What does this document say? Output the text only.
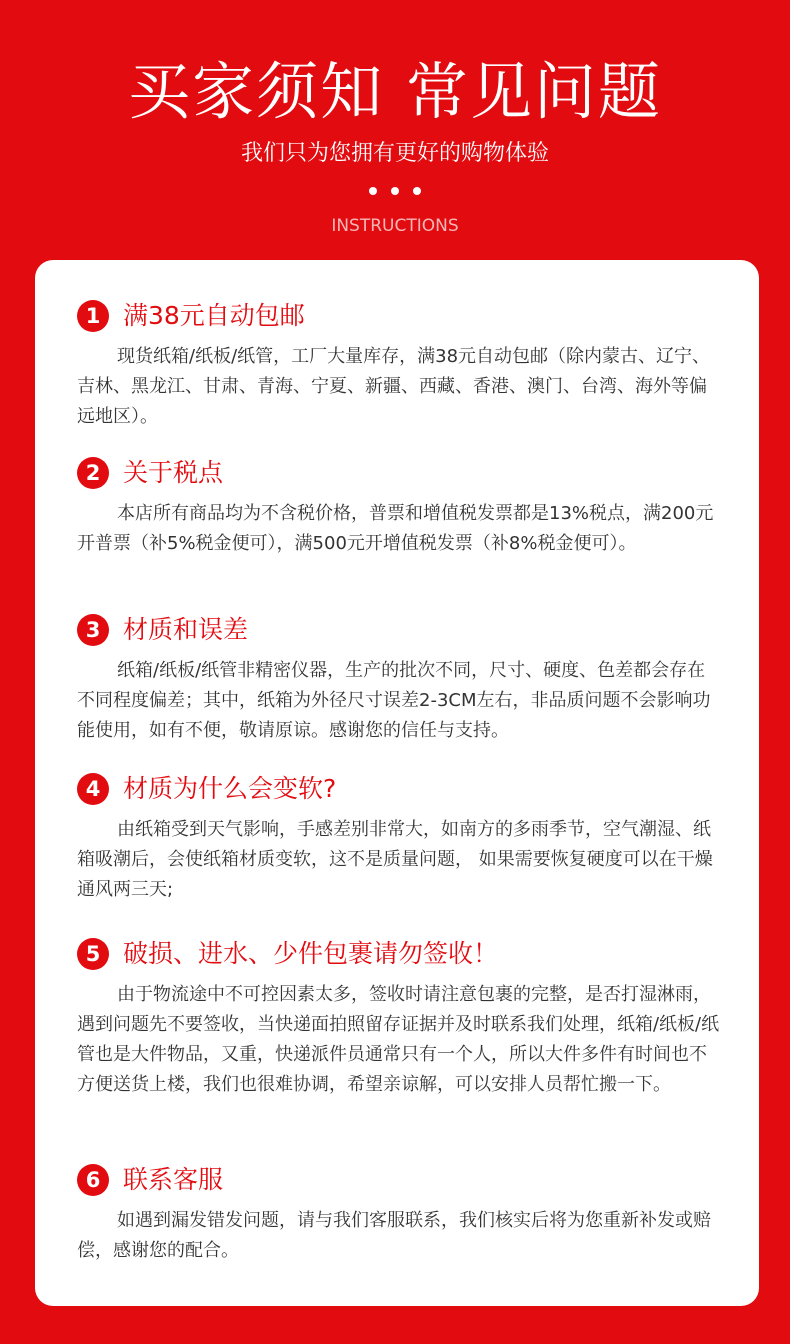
买家须知 常见问题

我们只为您拥有更好的购物体验

INSTRUCTIONS
1 满38元自动包邮
现货纸箱/纸板/纸管，工厂大量库存，满38元自动包邮（除内蒙古、辽宁、吉林、黑龙江、甘肃、青海、宁夏、新疆、西藏、香港、澳门、台湾、海外等偏远地区）。
2 关于税点
本店所有商品均为不含税价格，普票和增值税发票都是13%税点，满200元开普票（补5%税金便可），满500元开增值税发票（补8%税金便可）。
3 材质和误差
纸箱/纸板/纸管非精密仪器，生产的批次不同，尺寸、硬度、色差都会存在不同程度偏差；其中，纸箱为外径尺寸误差2-3CM左右，非品质问题不会影响功能使用，如有不便，敬请原谅。感谢您的信任与支持。
4 材质为什么会变软?
由纸箱受到天气影响，手感差别非常大，如南方的多雨季节，空气潮湿、纸箱吸潮后，会使纸箱材质变软，这不是质量问题， 如果需要恢复硬度可以在干燥通风两三天;
5 破损、进水、少件包裹请勿签收！
由于物流途中不可控因素太多，签收时请注意包裹的完整，是否打湿淋雨，遇到问题先不要签收，当快递面拍照留存证据并及时联系我们处理，纸箱/纸板/纸管也是大件物品，又重，快递派件员通常只有一个人，所以大件多件有时间也不方便送货上楼，我们也很难协调，希望亲谅解，可以安排人员帮忙搬一下。
6 联系客服
如遇到漏发错发问题，请与我们客服联系，我们核实后将为您重新补发或赔偿，感谢您的配合。
